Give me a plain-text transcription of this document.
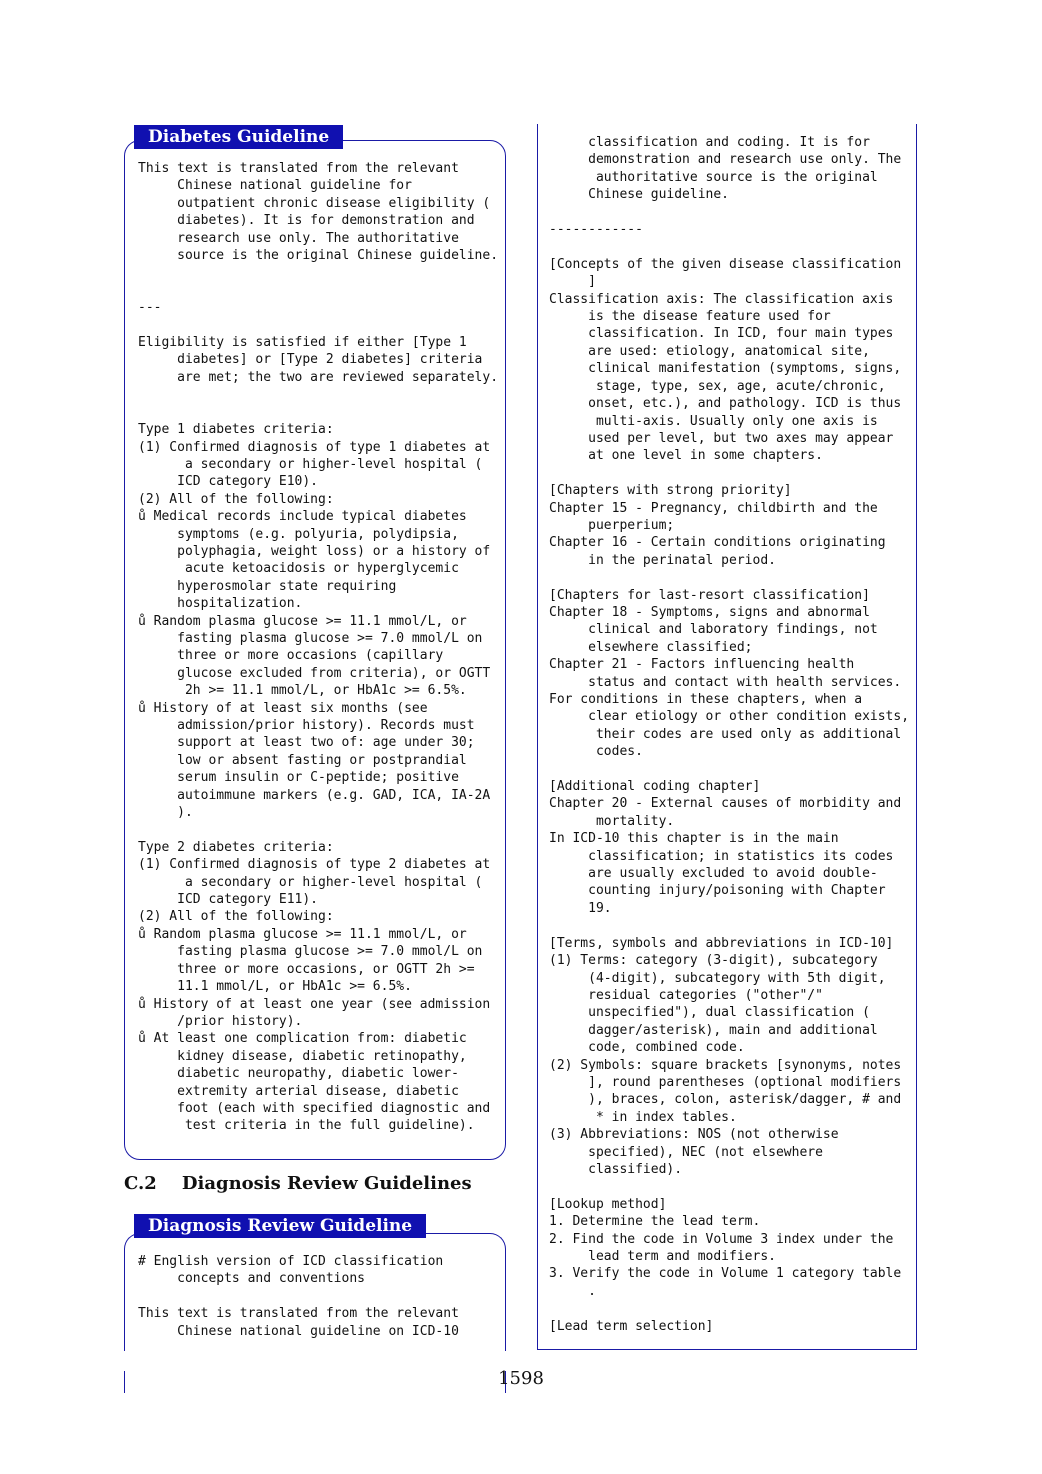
Diabetes Guideline
This text is translated from the relevant
Chinese national guideline for
outpatient chronic disease eligibility (
diabetes). It is for demonstration and
research use only. The authoritative
source is the original Chinese guideline.

---

Eligibility is satisfied if either [Type 1
diabetes] or [Type 2 diabetes] criteria
are met; the two are reviewed separately.

Type 1 diabetes criteria:
(1) Confirmed diagnosis of type 1 diabetes at
a secondary or higher-level hospital (
ICD category E10).
(2) All of the following:
ů Medical records include typical diabetes
symptoms (e.g. polyuria, polydipsia,
polyphagia, weight loss) or a history of
acute ketoacidosis or hyperglycemic
hyperosmolar state requiring
hospitalization.
ů Random plasma glucose >= 11.1 mmol/L, or
fasting plasma glucose >= 7.0 mmol/L on
three or more occasions (capillary
glucose excluded from criteria), or OGTT
2h >= 11.1 mmol/L, or HbA1c >= 6.5%.
ů History of at least six months (see
admission/prior history). Records must
support at least two of: age under 30;
low or absent fasting or postprandial
serum insulin or C-peptide; positive
autoimmune markers (e.g. GAD, ICA, IA-2A
).

Type 2 diabetes criteria:
(1) Confirmed diagnosis of type 2 diabetes at
a secondary or higher-level hospital (
ICD category E11).
(2) All of the following:
ů Random plasma glucose >= 11.1 mmol/L, or
fasting plasma glucose >= 7.0 mmol/L on
three or more occasions, or OGTT 2h >=
11.1 mmol/L, or HbA1c >= 6.5%.
ů History of at least one year (see admission
/prior history).
ů At least one complication from: diabetic
kidney disease, diabetic retinopathy,
diabetic neuropathy, diabetic lower-
extremity arterial disease, diabetic
foot (each with specified diagnostic and
test criteria in the full guideline).
C.2    Diagnosis Review Guidelines
Diagnosis Review Guideline
# English version of ICD classification
concepts and conventions

This text is translated from the relevant
Chinese national guideline on ICD-10
classification and coding. It is for
demonstration and research use only. The
authoritative source is the original
Chinese guideline.

------------

[Concepts of the given disease classification
]
Classification axis: The classification axis
is the disease feature used for
classification. In ICD, four main types
are used: etiology, anatomical site,
clinical manifestation (symptoms, signs,
stage, type, sex, age, acute/chronic,
onset, etc.), and pathology. ICD is thus
multi-axis. Usually only one axis is
used per level, but two axes may appear
at one level in some chapters.

[Chapters with strong priority]
Chapter 15 - Pregnancy, childbirth and the
puerperium;
Chapter 16 - Certain conditions originating
in the perinatal period.

[Chapters for last-resort classification]
Chapter 18 - Symptoms, signs and abnormal
clinical and laboratory findings, not
elsewhere classified;
Chapter 21 - Factors influencing health
status and contact with health services.
For conditions in these chapters, when a
clear etiology or other condition exists,
their codes are used only as additional
codes.

[Additional coding chapter]
Chapter 20 - External causes of morbidity and
mortality.
In ICD-10 this chapter is in the main
classification; in statistics its codes
are usually excluded to avoid double-
counting injury/poisoning with Chapter
19.

[Terms, symbols and abbreviations in ICD-10]
(1) Terms: category (3-digit), subcategory
(4-digit), subcategory with 5th digit,
residual categories ("other"/"
unspecified"), dual classification (
dagger/asterisk), main and additional
code, combined code.
(2) Symbols: square brackets [synonyms, notes
], round parentheses (optional modifiers
), braces, colon, asterisk/dagger, # and
* in index tables.
(3) Abbreviations: NOS (not otherwise
specified), NEC (not elsewhere
classified).

[Lookup method]
1. Determine the lead term.
2. Find the code in Volume 3 index under the
lead term and modifiers.
3. Verify the code in Volume 1 category table
.

[Lead term selection]
1598
